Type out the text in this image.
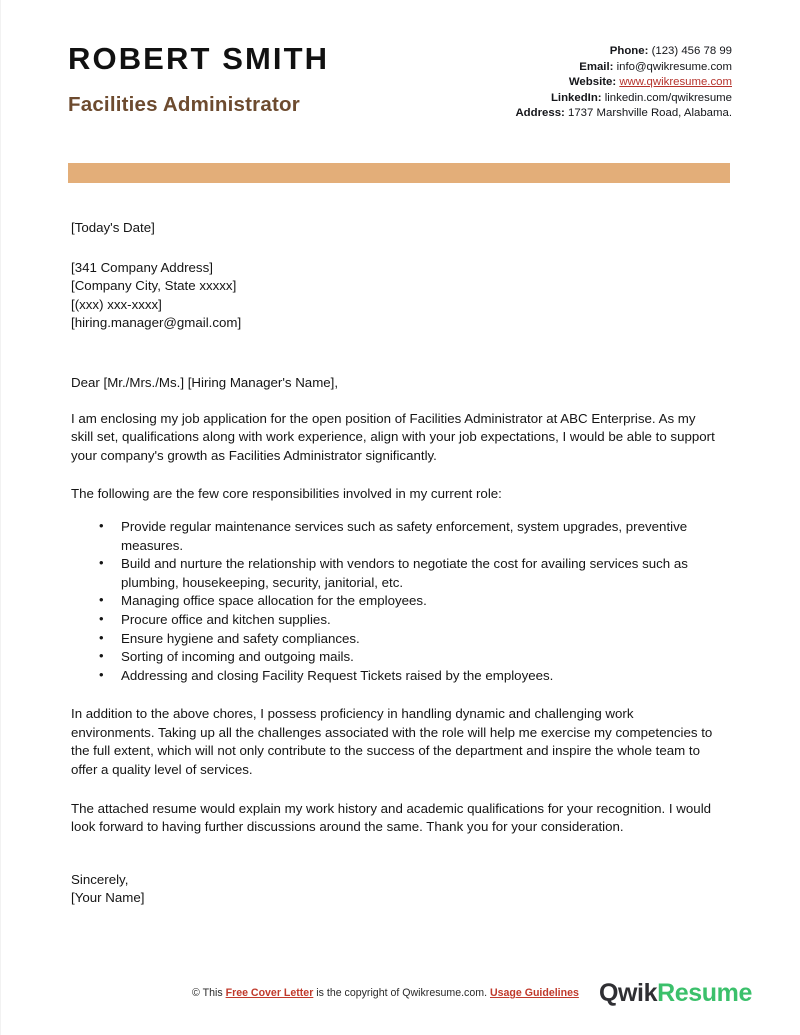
ROBERT SMITH
Facilities Administrator
Phone: (123) 456 78 99
Email: info@qwikresume.com
Website: www.qwikresume.com
LinkedIn: linkedin.com/qwikresume
Address: 1737 Marshville Road, Alabama.
[Today's Date]
[341 Company Address]
[Company City, State xxxxx]
[(xxx) xxx-xxxx]
[hiring.manager@gmail.com]
Dear [Mr./Mrs./Ms.] [Hiring Manager's Name],

I am enclosing my job application for the open position of Facilities Administrator at ABC Enterprise. As my skill set, qualifications along with work experience, align with your job expectations, I would be able to support your company's growth as Facilities Administrator significantly.

The following are the few core responsibilities involved in my current role:

• Provide regular maintenance services such as safety enforcement, system upgrades, preventive measures.
• Build and nurture the relationship with vendors to negotiate the cost for availing services such as plumbing, housekeeping, security, janitorial, etc.
• Managing office space allocation for the employees.
• Procure office and kitchen supplies.
• Ensure hygiene and safety compliances.
• Sorting of incoming and outgoing mails.
• Addressing and closing Facility Request Tickets raised by the employees.

In addition to the above chores, I possess proficiency in handling dynamic and challenging work environments. Taking up all the challenges associated with the role will help me exercise my competencies to the full extent, which will not only contribute to the success of the department and inspire the whole team to offer a quality level of services.

The attached resume would explain my work history and academic qualifications for your recognition. I would look forward to having further discussions around the same. Thank you for your consideration.

Sincerely,
[Your Name]
© This Free Cover Letter is the copyright of Qwikresume.com. Usage Guidelines QwikResume
